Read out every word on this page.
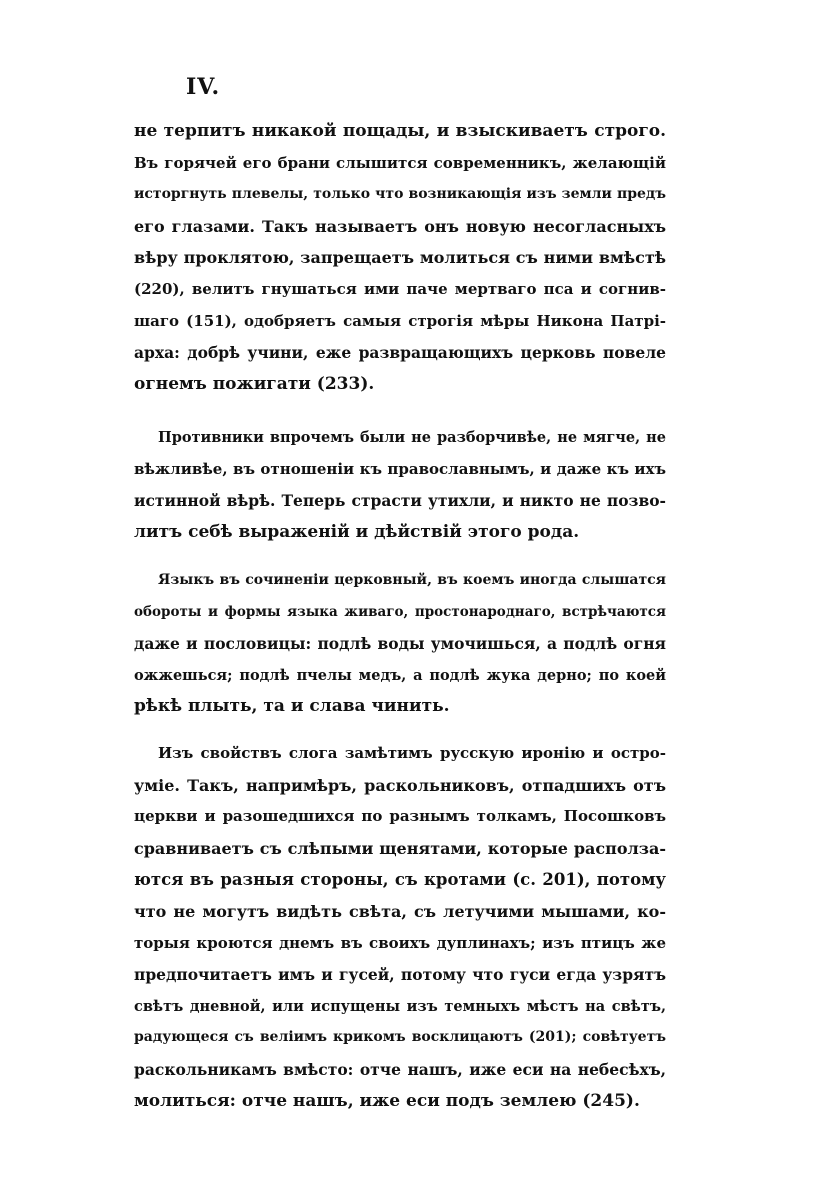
IV.
не терпитъ никакой пощады, и взыскиваетъ строго.
Въ горячей его брани слышится современникъ, желающій
исторгнуть плевелы, только что возникающія изъ земли предъ
его глазами. Такъ называетъ онъ новую несогласныхъ
вѣру проклятою, запрещаетъ молиться съ ними вмѣстѣ
(220), велитъ гнушаться ими паче мертваго пса и согнив-
шаго (151), одобряетъ самыя строгія мѣры Никона Патрі-
арха: добрѣ учини, еже развращающихъ церковь повеле
огнемъ пожигати (233).
Противники впрочемъ были не разборчивѣе, не мягче, не
вѣжливѣе, въ отношеніи къ православнымъ, и даже къ ихъ
истинной вѣрѣ. Теперь страсти утихли, и никто не позво-
литъ себѣ выраженій и дѣйствій этого рода.
Языкъ въ сочиненіи церковный, въ коемъ иногда слышатся
обороты и формы языка живаго, простонароднаго, встрѣчаются
даже и пословицы: подлѣ воды умочишься, а подлѣ огня
ожжешься; подлѣ пчелы медъ, а подлѣ жука дерно; по коей
рѣкѣ плыть, та и слава чинить.
Изъ свойствъ слога замѣтимъ русскую иронію и остро-
уміе. Такъ, напримѣръ, раскольниковъ, отпадшихъ отъ
церкви и разошедшихся по разнымъ толкамъ, Посошковъ
сравниваетъ съ слѣпыми щенятами, которые располза-
ются въ разныя стороны, съ кротами (с. 201), потому
что не могутъ видѣть свѣта, съ летучими мышами, ко-
торыя кроются днемъ въ своихъ дуплинахъ; изъ птицъ же
предпочитаетъ имъ и гусей, потому что гуси егда узрятъ
свѣтъ дневной, или испущены изъ темныхъ мѣстъ на свѣтъ,
радующеся съ веліимъ крикомъ восклицаютъ (201); совѣтуетъ
раскольникамъ вмѣсто: отче нашъ, иже еси на небесѣхъ,
молиться: отче нашъ, иже еси подъ землею (245).
